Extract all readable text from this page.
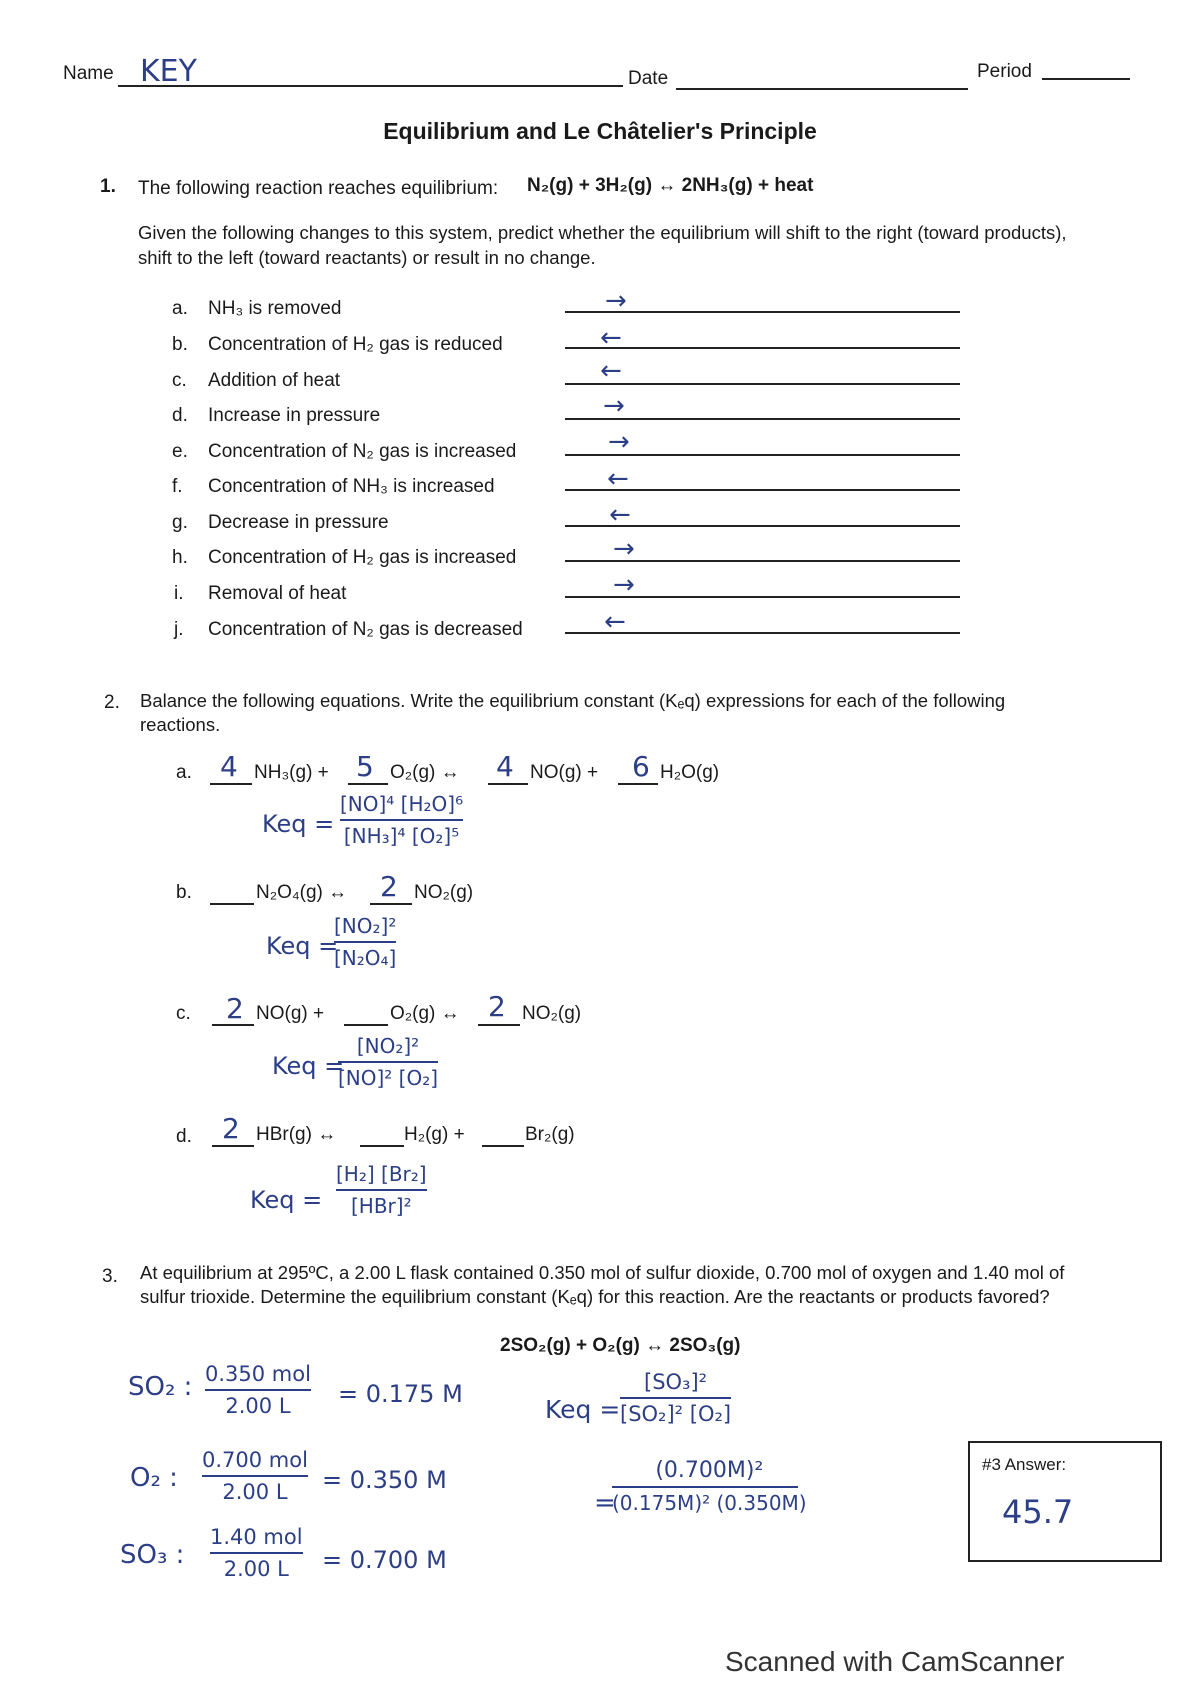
Name KEY	Date	Period
Equilibrium and Le Châtelier's Principle
1. The following reaction reaches equilibrium: N₂(g) + 3H₂(g) ↔ 2NH₃(g) + heat
Given the following changes to this system, predict whether the equilibrium will shift to the right (toward products),
shift to the left (toward reactants) or result in no change.
a. NH₃ is removed	→
b. Concentration of H₂ gas is reduced	←
c. Addition of heat	←
d. Increase in pressure	→
e. Concentration of N₂ gas is increased	→
f. Concentration of NH₃ is increased	←
g. Decrease in pressure	←
h. Concentration of H₂ gas is increased	→
i. Removal of heat	→
j. Concentration of N₂ gas is decreased	←
2. Balance the following equations. Write the equilibrium constant (Kₑq) expressions for each of the following
reactions.
a. 4 NH₃(g) + 5 O₂(g) ↔ 4 NO(g) + 6 H₂O(g)
Keq =
[NO]⁴ [H₂O]⁶
[NH₃]⁴ [O₂]⁵
b.	N₂O₄(g) ↔ 2 NO₂(g)
Keq =
[NO₂]²
[N₂O₄]
c. 2 NO(g) +	O₂(g) ↔ 2 NO₂(g)
Keq =
[NO₂]²
[NO]² [O₂]
d. 2 HBr(g) ↔	H₂(g) +	Br₂(g)
Keq =
[H₂] [Br₂]
[HBr]²
3. At equilibrium at 295ºC, a 2.00 L flask contained 0.350 mol of sulfur dioxide, 0.700 mol of oxygen and 1.40 mol of
sulfur trioxide. Determine the equilibrium constant (Kₑq) for this reaction. Are the reactants or products favored?
2SO₂(g) + O₂(g) ↔ 2SO₃(g)
SO₂ : 0.350 mol
2.00 L = 0.175 M
O₂ :
0.700 mol
2.00 L = 0.350 M
SO₃ :
1.40 mol
2.00 L = 0.700 M
Keq =
[SO₃]²
[SO₂]² [O₂]
=
(0.700M)²
(0.175M)² (0.350M)
#3 Answer:
45.7
Scanned with CamScanner
